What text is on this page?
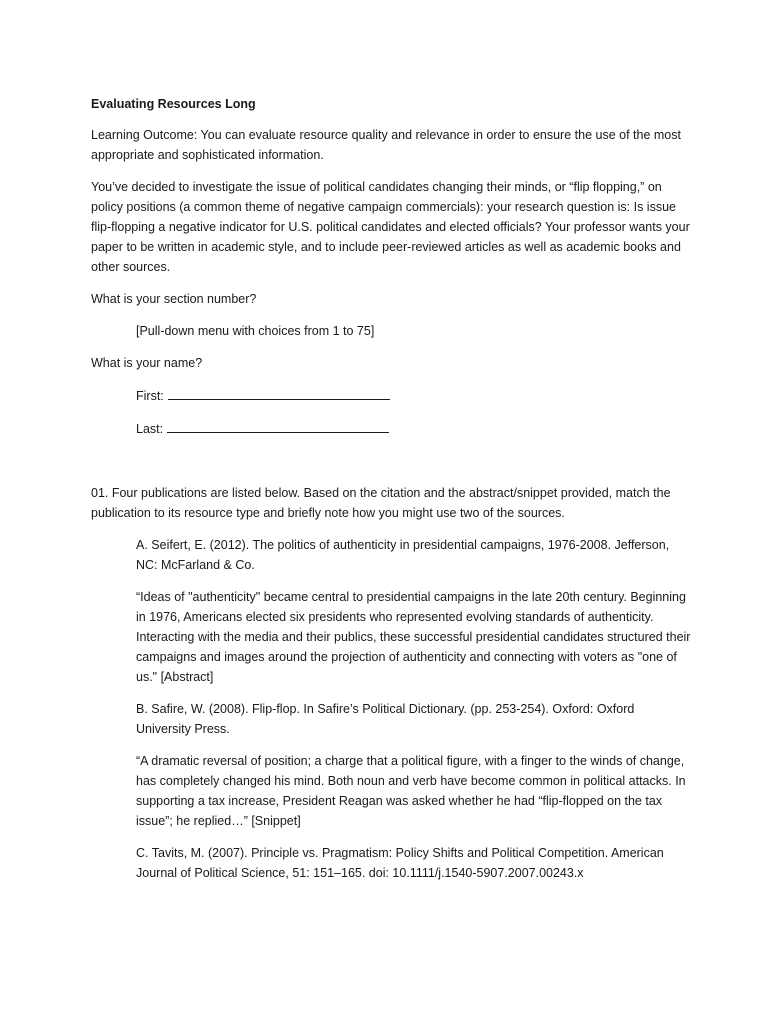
Evaluating Resources Long

Learning Outcome: You can evaluate resource quality and relevance in order to ensure the use of the most appropriate and sophisticated information.

You’ve decided to investigate the issue of political candidates changing their minds, or “flip flopping,” on policy positions (a common theme of negative campaign commercials): your research question is: Is issue flip-flopping a negative indicator for U.S. political candidates and elected officials? Your professor wants your paper to be written in academic style, and to include peer-reviewed articles as well as academic books and other sources.

What is your section number?

[Pull-down menu with choices from 1 to 75]

What is your name?

First:
Last:

01. Four publications are listed below. Based on the citation and the abstract/snippet provided, match the publication to its resource type and briefly note how you might use two of the sources.

A. Seifert, E. (2012). The politics of authenticity in presidential campaigns, 1976-2008. Jefferson, NC: McFarland & Co.

“Ideas of "authenticity" became central to presidential campaigns in the late 20th century. Beginning in 1976, Americans elected six presidents who represented evolving standards of authenticity. Interacting with the media and their publics, these successful presidential candidates structured their campaigns and images around the projection of authenticity and connecting with voters as "one of us." [Abstract]

B. Safire, W. (2008). Flip-flop. In Safire’s Political Dictionary. (pp. 253-254). Oxford: Oxford University Press.

“A dramatic reversal of position; a charge that a political figure, with a finger to the winds of change, has completely changed his mind. Both noun and verb have become common in political attacks. In supporting a tax increase, President Reagan was asked whether he had “flip-flopped on the tax issue”; he replied…” [Snippet]

C. Tavits, M. (2007). Principle vs. Pragmatism: Policy Shifts and Political Competition. American Journal of Political Science, 51: 151–165. doi: 10.1111/j.1540-5907.2007.00243.x
